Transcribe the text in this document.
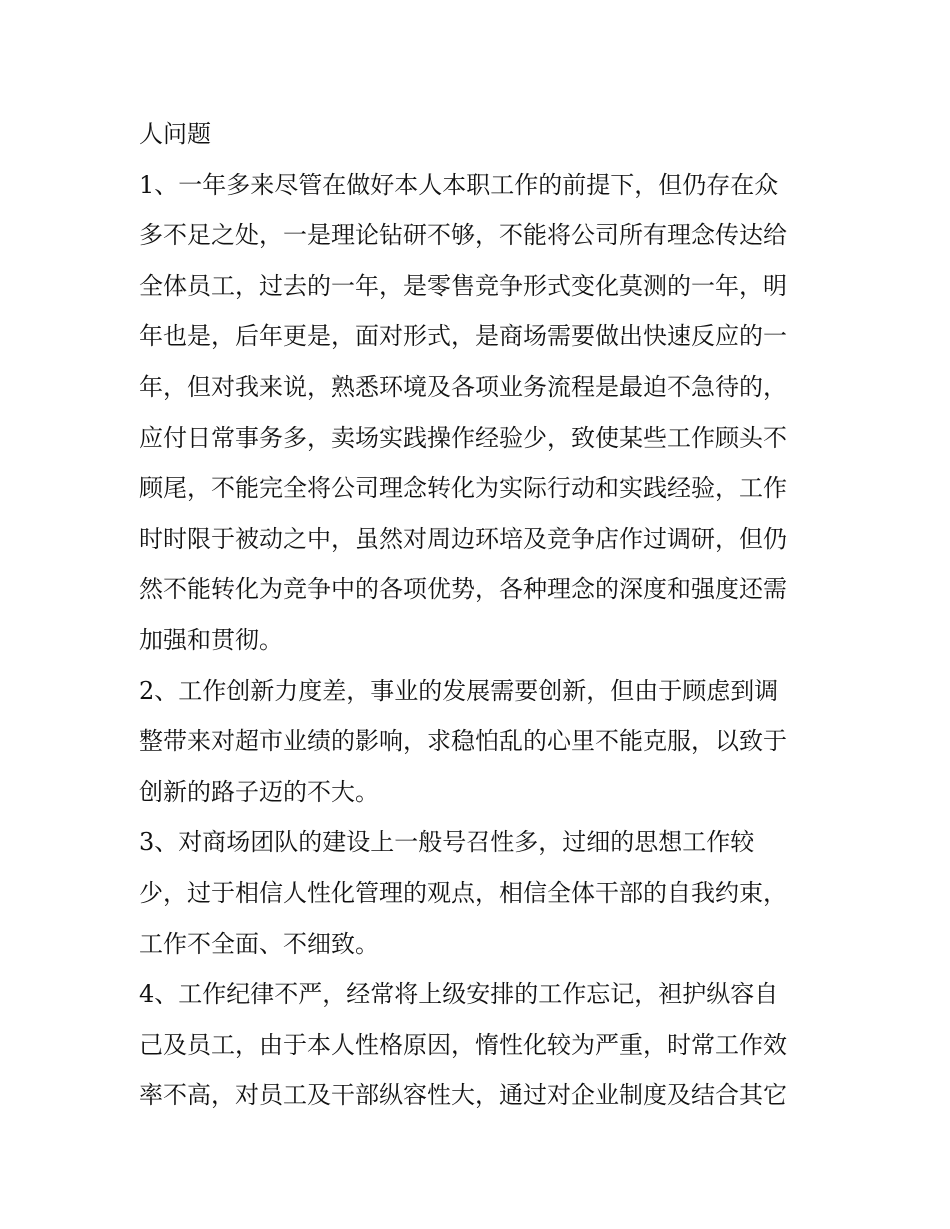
人问题
1、一年多来尽管在做好本人本职工作的前提下，但仍存在众
多不足之处，一是理论钻研不够，不能将公司所有理念传达给
全体员工，过去的一年，是零售竞争形式变化莫测的一年，明
年也是，后年更是，面对形式，是商场需要做出快速反应的一
年，但对我来说，熟悉环境及各项业务流程是最迫不急待的，
应付日常事务多，卖场实践操作经验少，致使某些工作顾头不
顾尾，不能完全将公司理念转化为实际行动和实践经验，工作
时时限于被动之中，虽然对周边环培及竞争店作过调研，但仍
然不能转化为竞争中的各项优势，各种理念的深度和强度还需
加强和贯彻。
2、工作创新力度差，事业的发展需要创新，但由于顾虑到调
整带来对超市业绩的影响，求稳怕乱的心里不能克服，以致于
创新的路子迈的不大。
3、对商场团队的建设上一般号召性多，过细的思想工作较
少，过于相信人性化管理的观点，相信全体干部的自我约束，
工作不全面、不细致。
4、工作纪律不严，经常将上级安排的工作忘记，袒护纵容自
己及员工，由于本人性格原因，惰性化较为严重，时常工作效
率不高，对员工及干部纵容性大，通过对企业制度及结合其它
